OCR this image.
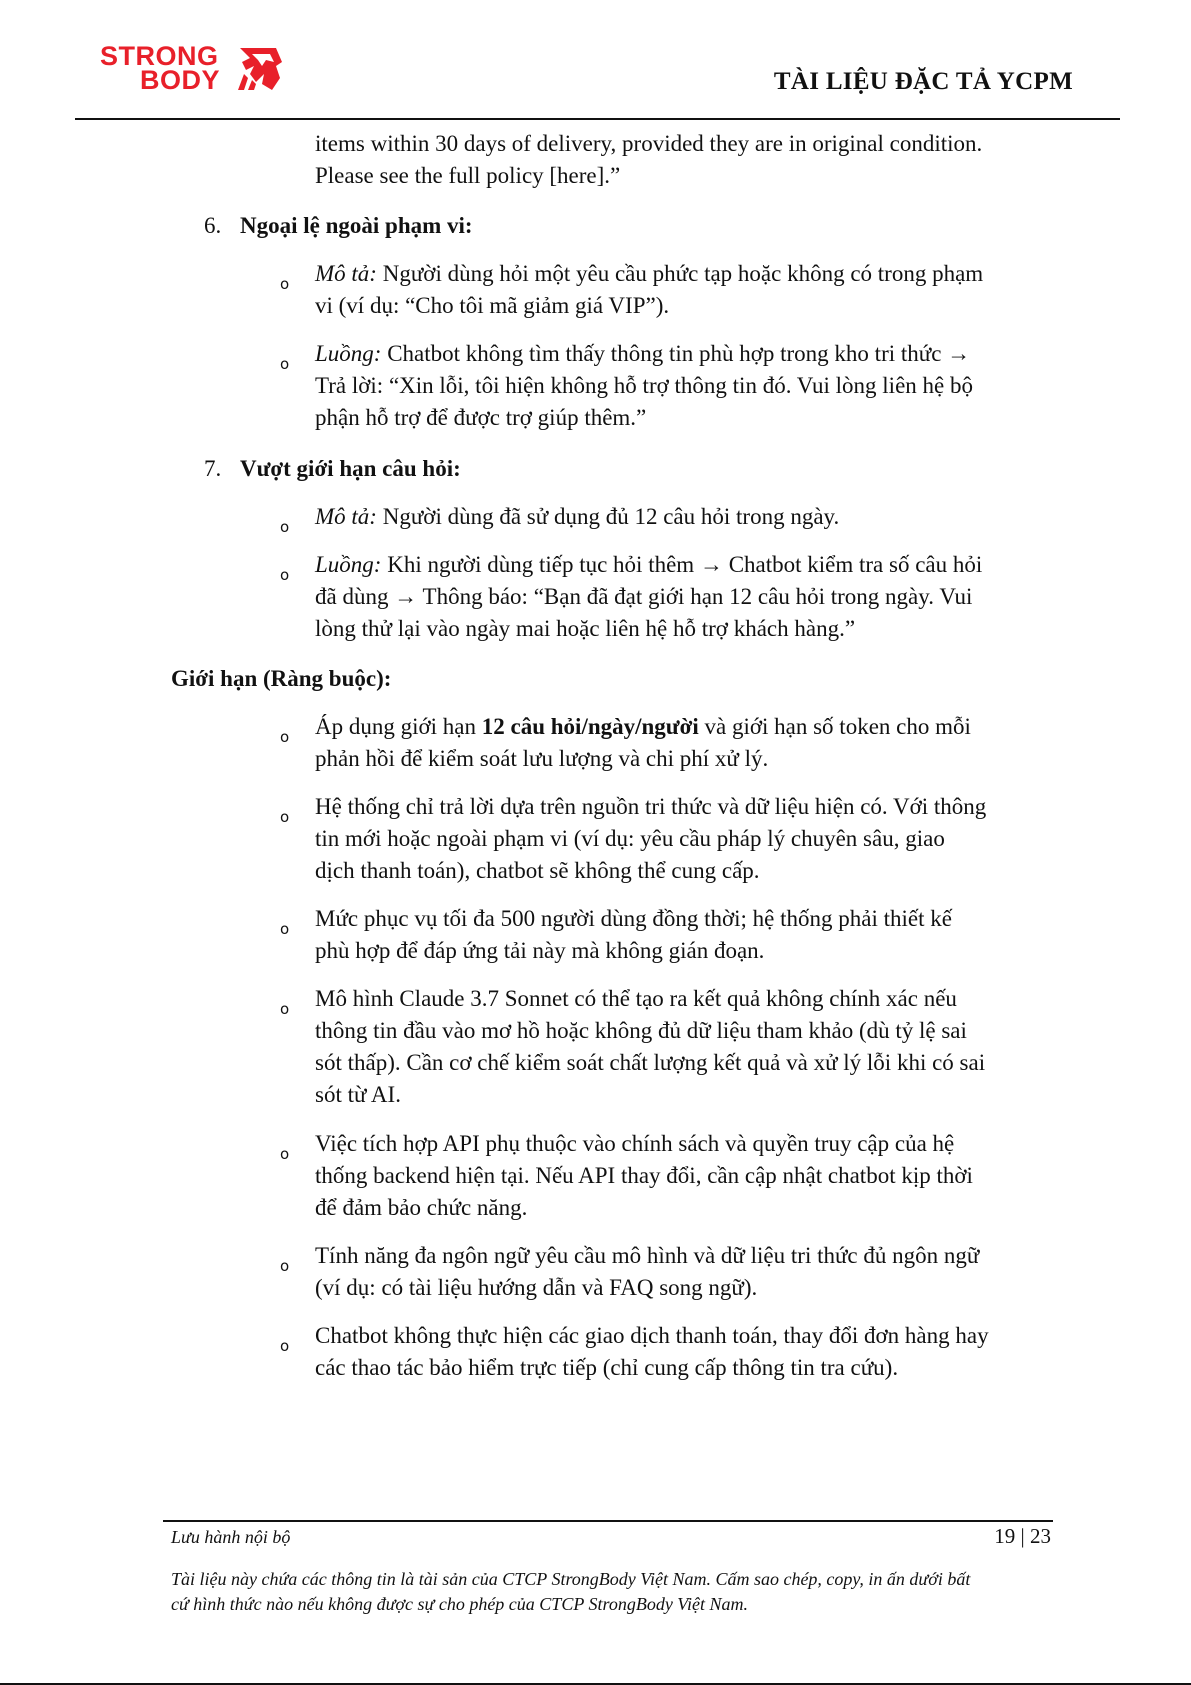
STRONG
BODY	TÀI LIỆU ĐẶC TẢ YCPM
items within 30 days of delivery, provided they are in original condition.
Please see the full policy [here].”
6. Ngoại lệ ngoài phạm vi:
o Mô tả: Người dùng hỏi một yêu cầu phức tạp hoặc không có trong phạm
vi (ví dụ: “Cho tôi mã giảm giá VIP”).
o Luồng: Chatbot không tìm thấy thông tin phù hợp trong kho tri thức →
Trả lời: “Xin lỗi, tôi hiện không hỗ trợ thông tin đó. Vui lòng liên hệ bộ
phận hỗ trợ để được trợ giúp thêm.”
7. Vượt giới hạn câu hỏi:
o Mô tả: Người dùng đã sử dụng đủ 12 câu hỏi trong ngày.
o Luồng: Khi người dùng tiếp tục hỏi thêm → Chatbot kiểm tra số câu hỏi
đã dùng → Thông báo: “Bạn đã đạt giới hạn 12 câu hỏi trong ngày. Vui
lòng thử lại vào ngày mai hoặc liên hệ hỗ trợ khách hàng.”
Giới hạn (Ràng buộc):
o Áp dụng giới hạn 12 câu hỏi/ngày/người và giới hạn số token cho mỗi
phản hồi để kiểm soát lưu lượng và chi phí xử lý.
o Hệ thống chỉ trả lời dựa trên nguồn tri thức và dữ liệu hiện có. Với thông
tin mới hoặc ngoài phạm vi (ví dụ: yêu cầu pháp lý chuyên sâu, giao
dịch thanh toán), chatbot sẽ không thể cung cấp.
o Mức phục vụ tối đa 500 người dùng đồng thời; hệ thống phải thiết kế
phù hợp để đáp ứng tải này mà không gián đoạn.
o Mô hình Claude 3.7 Sonnet có thể tạo ra kết quả không chính xác nếu
thông tin đầu vào mơ hồ hoặc không đủ dữ liệu tham khảo (dù tỷ lệ sai
sót thấp). Cần cơ chế kiểm soát chất lượng kết quả và xử lý lỗi khi có sai
sót từ AI.
o Việc tích hợp API phụ thuộc vào chính sách và quyền truy cập của hệ
thống backend hiện tại. Nếu API thay đổi, cần cập nhật chatbot kịp thời
để đảm bảo chức năng.
o Tính năng đa ngôn ngữ yêu cầu mô hình và dữ liệu tri thức đủ ngôn ngữ
(ví dụ: có tài liệu hướng dẫn và FAQ song ngữ).
o Chatbot không thực hiện các giao dịch thanh toán, thay đổi đơn hàng hay
các thao tác bảo hiểm trực tiếp (chỉ cung cấp thông tin tra cứu).
Lưu hành nội bộ	19 | 23
Tài liệu này chứa các thông tin là tài sản của CTCP StrongBody Việt Nam. Cấm sao chép, copy, in ấn dưới bất
cứ hình thức nào nếu không được sự cho phép của CTCP StrongBody Việt Nam.
